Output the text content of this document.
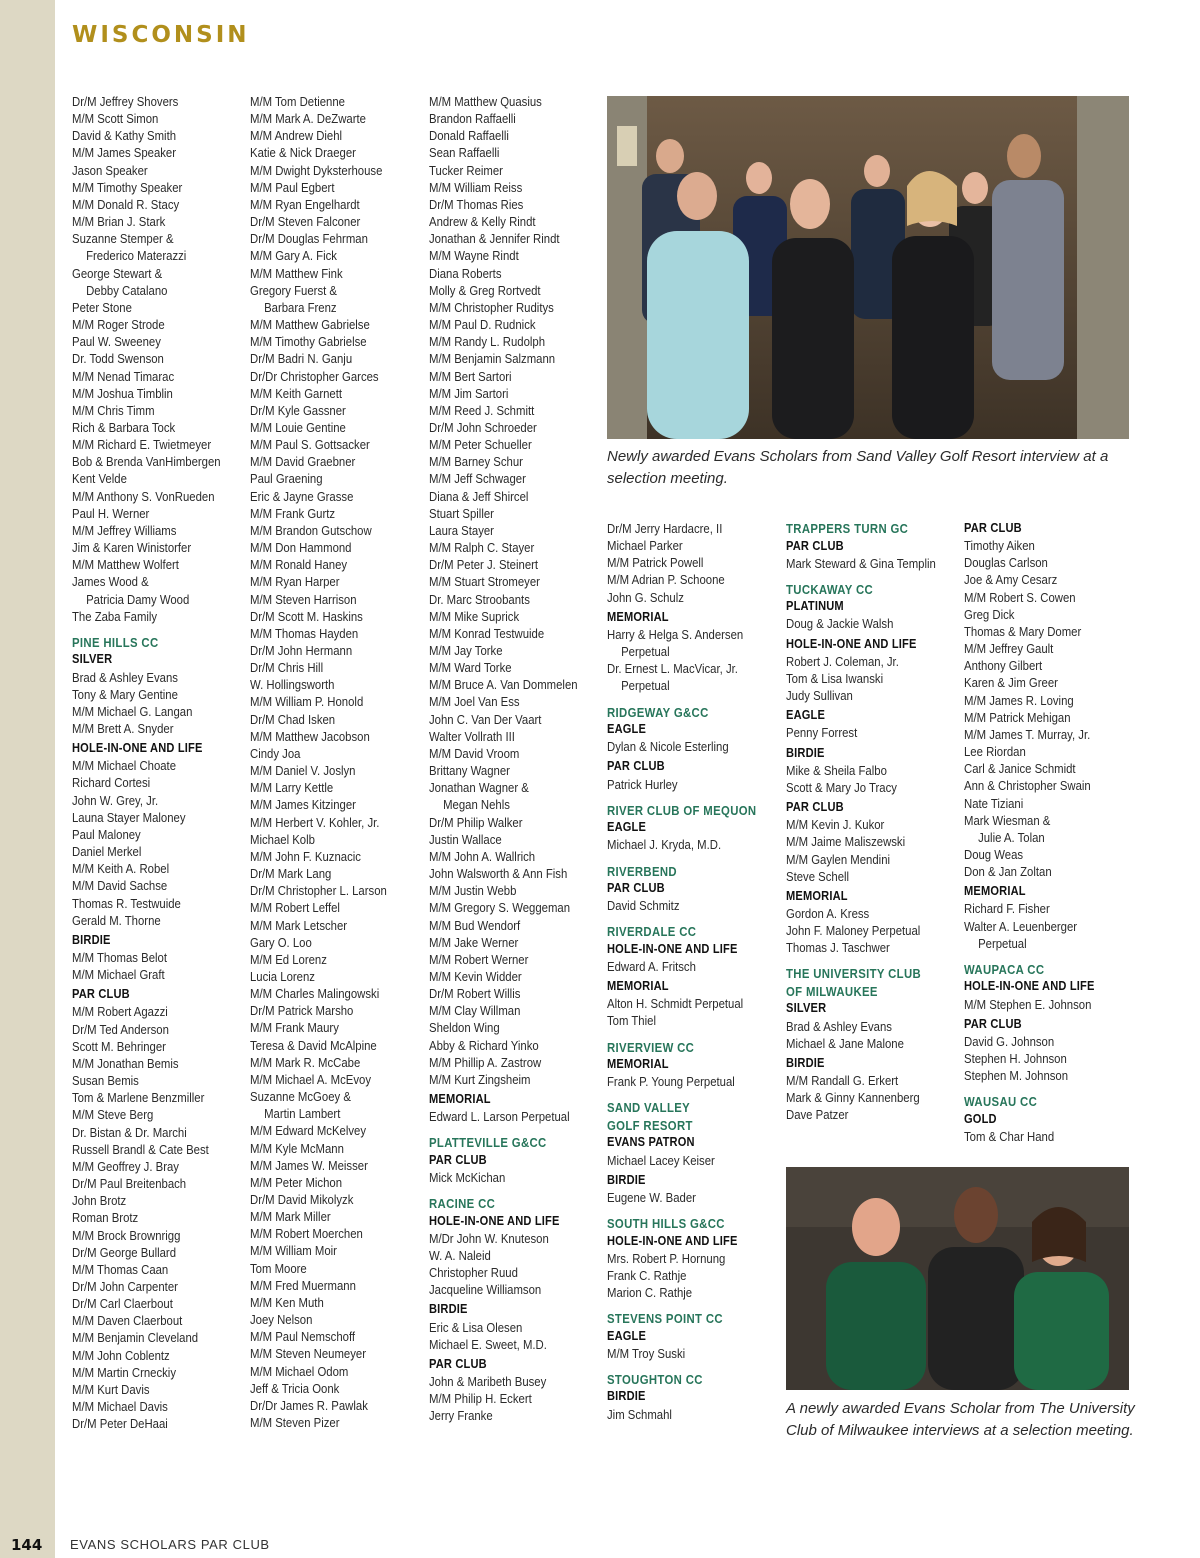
WISCONSIN
Dr/M Jeffrey Shovers
M/M Scott Simon
David & Kathy Smith
M/M James Speaker
Jason Speaker
M/M Timothy Speaker
M/M Donald R. Stacy
M/M Brian J. Stark
Suzanne Stemper &
Frederico Materazzi
George Stewart &
Debby Catalano
Peter Stone
M/M Roger Strode
Paul W. Sweeney
Dr. Todd Swenson
M/M Nenad Timarac
M/M Joshua Timblin
M/M Chris Timm
Rich & Barbara Tock
M/M Richard E. Twietmeyer
Bob & Brenda VanHimbergen
Kent Velde
M/M Anthony S. VonRueden
Paul H. Werner
M/M Jeffrey Williams
Jim & Karen Winistorfer
M/M Matthew Wolfert
James Wood &
Patricia Damy Wood
The Zaba Family
PINE HILLS CC
SILVER
Brad & Ashley Evans
Tony & Mary Gentine
M/M Michael G. Langan
M/M Brett A. Snyder
HOLE-IN-ONE AND LIFE
M/M Michael Choate
Richard Cortesi
John W. Grey, Jr.
Launa Stayer Maloney
Paul Maloney
Daniel Merkel
M/M Keith A. Robel
M/M David Sachse
Thomas R. Testwuide
Gerald M. Thorne
BIRDIE
M/M Thomas Belot
M/M Michael Graft
PAR CLUB
M/M Robert Agazzi
Dr/M Ted Anderson
Scott M. Behringer
M/M Jonathan Bemis
Susan Bemis
Tom & Marlene Benzmiller
M/M Steve Berg
Dr. Bistan & Dr. Marchi
Russell Brandl & Cate Best
M/M Geoffrey J. Bray
Dr/M Paul Breitenbach
John Brotz
Roman Brotz
M/M Brock Brownrigg
Dr/M George Bullard
M/M Thomas Caan
Dr/M John Carpenter
Dr/M Carl Claerbout
M/M Daven Claerbout
M/M Benjamin Cleveland
M/M John Coblentz
M/M Martin Crneckiy
M/M Kurt Davis
M/M Michael Davis
Dr/M Peter DeHaai
M/M Tom Detienne
M/M Mark A. DeZwarte
M/M Andrew Diehl
Katie & Nick Draeger
M/M Dwight Dyksterhouse
M/M Paul Egbert
M/M Ryan Engelhardt
Dr/M Steven Falconer
Dr/M Douglas Fehrman
M/M Gary A. Fick
M/M Matthew Fink
Gregory Fuerst &
Barbara Frenz
M/M Matthew Gabrielse
M/M Timothy Gabrielse
Dr/M Badri N. Ganju
Dr/Dr Christopher Garces
M/M Keith Garnett
Dr/M Kyle Gassner
M/M Louie Gentine
M/M Paul S. Gottsacker
M/M David Graebner
Paul Graening
Eric & Jayne Grasse
M/M Frank Gurtz
M/M Brandon Gutschow
M/M Don Hammond
M/M Ronald Haney
M/M Ryan Harper
M/M Steven Harrison
Dr/M Scott M. Haskins
M/M Thomas Hayden
Dr/M John Hermann
Dr/M Chris Hill
W. Hollingsworth
M/M William P. Honold
Dr/M Chad Isken
M/M Matthew Jacobson
Cindy Joa
M/M Daniel V. Joslyn
M/M Larry Kettle
M/M James Kitzinger
M/M Herbert V. Kohler, Jr.
Michael Kolb
M/M John F. Kuznacic
Dr/M Mark Lang
Dr/M Christopher L. Larson
M/M Robert Leffel
M/M Mark Letscher
Gary O. Loo
M/M Ed Lorenz
Lucia Lorenz
M/M Charles Malingowski
Dr/M Patrick Marsho
M/M Frank Maury
Teresa & David McAlpine
M/M Mark R. McCabe
M/M Michael A. McEvoy
Suzanne McGoey &
Martin Lambert
M/M Edward McKelvey
M/M Kyle McMann
M/M James W. Meisser
M/M Peter Michon
Dr/M David Mikolyzk
M/M Mark Miller
M/M Robert Moerchen
M/M William Moir
Tom Moore
M/M Fred Muermann
M/M Ken Muth
Joey Nelson
M/M Paul Nemschoff
M/M Steven Neumeyer
M/M Michael Odom
Jeff & Tricia Oonk
Dr/Dr James R. Pawlak
M/M Steven Pizer
M/M Matthew Quasius
Brandon Raffaelli
Donald Raffaelli
Sean Raffaelli
Tucker Reimer
M/M William Reiss
Dr/M Thomas Ries
Andrew & Kelly Rindt
Jonathan & Jennifer Rindt
M/M Wayne Rindt
Diana Roberts
Molly & Greg Rortvedt
M/M Christopher Ruditys
M/M Paul D. Rudnick
M/M Randy L. Rudolph
M/M Benjamin Salzmann
M/M Bert Sartori
M/M Jim Sartori
M/M Reed J. Schmitt
Dr/M John Schroeder
M/M Peter Schueller
M/M Barney Schur
M/M Jeff Schwager
Diana & Jeff Shircel
Stuart Spiller
Laura Stayer
M/M Ralph C. Stayer
Dr/M Peter J. Steinert
M/M Stuart Stromeyer
Dr. Marc Stroobants
M/M Mike Suprick
M/M Konrad Testwuide
M/M Jay Torke
M/M Ward Torke
M/M Bruce A. Van Dommelen
M/M Joel Van Ess
John C. Van Der Vaart
Walter Vollrath III
M/M David Vroom
Brittany Wagner
Jonathan Wagner &
Megan Nehls
Dr/M Philip Walker
Justin Wallace
M/M John A. Wallrich
John Walsworth & Ann Fish
M/M Justin Webb
M/M Gregory S. Weggeman
M/M Bud Wendorf
M/M Jake Werner
M/M Robert Werner
M/M Kevin Widder
Dr/M Robert Willis
M/M Clay Willman
Sheldon Wing
Abby & Richard Yinko
M/M Phillip A. Zastrow
M/M Kurt Zingsheim
MEMORIAL
Edward L. Larson Perpetual
PLATTEVILLE G&CC
PAR CLUB
Mick McKichan
RACINE CC
HOLE-IN-ONE AND LIFE
M/Dr John W. Knuteson
W. A. Naleid
Christopher Ruud
Jacqueline Williamson
BIRDIE
Eric & Lisa Olesen
Michael E. Sweet, M.D.
PAR CLUB
John & Maribeth Busey
M/M Philip H. Eckert
Jerry Franke
Dr/M Jerry Hardacre, II
Michael Parker
M/M Patrick Powell
M/M Adrian P. Schoone
John G. Schulz
MEMORIAL
Harry & Helga S. Andersen
Perpetual
Dr. Ernest L. MacVicar, Jr.
Perpetual
RIDGEWAY G&CC
EAGLE
Dylan & Nicole Esterling
PAR CLUB
Patrick Hurley
RIVER CLUB OF MEQUON
EAGLE
Michael J. Kryda, M.D.
RIVERBEND
PAR CLUB
David Schmitz
RIVERDALE CC
HOLE-IN-ONE AND LIFE
Edward A. Fritsch
MEMORIAL
Alton H. Schmidt Perpetual
Tom Thiel
RIVERVIEW CC
MEMORIAL
Frank P. Young Perpetual
SAND VALLEY
GOLF RESORT
EVANS PATRON
Michael Lacey Keiser
BIRDIE
Eugene W. Bader
SOUTH HILLS G&CC
HOLE-IN-ONE AND LIFE
Mrs. Robert P. Hornung
Frank C. Rathje
Marion C. Rathje
STEVENS POINT CC
EAGLE
M/M Troy Suski
STOUGHTON CC
BIRDIE
Jim Schmahl
TRAPPERS TURN GC
PAR CLUB
Mark Steward & Gina Templin
TUCKAWAY CC
PLATINUM
Doug & Jackie Walsh
HOLE-IN-ONE AND LIFE
Robert J. Coleman, Jr.
Tom & Lisa Iwanski
Judy Sullivan
EAGLE
Penny Forrest
BIRDIE
Mike & Sheila Falbo
Scott & Mary Jo Tracy
PAR CLUB
M/M Kevin J. Kukor
M/M Jaime Maliszewski
M/M Gaylen Mendini
Steve Schell
MEMORIAL
Gordon A. Kress
John F. Maloney Perpetual
Thomas J. Taschwer
THE UNIVERSITY CLUB
OF MILWAUKEE
SILVER
Brad & Ashley Evans
Michael & Jane Malone
BIRDIE
M/M Randall G. Erkert
Mark & Ginny Kannenberg
Dave Patzer
PAR CLUB
Timothy Aiken
Douglas Carlson
Joe & Amy Cesarz
M/M Robert S. Cowen
Greg Dick
Thomas & Mary Domer
M/M Jeffrey Gault
Anthony Gilbert
Karen & Jim Greer
M/M James R. Loving
M/M Patrick Mehigan
M/M James T. Murray, Jr.
Lee Riordan
Carl & Janice Schmidt
Ann & Christopher Swain
Nate Tiziani
Mark Wiesman &
Julie A. Tolan
Doug Weas
Don & Jan Zoltan
MEMORIAL
Richard F. Fisher
Walter A. Leuenberger
Perpetual
WAUPACA CC
HOLE-IN-ONE AND LIFE
M/M Stephen E. Johnson
PAR CLUB
David G. Johnson
Stephen H. Johnson
Stephen M. Johnson
WAUSAU CC
GOLD
Tom & Char Hand
Newly awarded Evans Scholars from Sand Valley Golf Resort interview at a selection meeting.
A newly awarded Evans Scholar from The University Club of Milwaukee interviews at a selection meeting.
144 EVANS SCHOLARS PAR CLUB
